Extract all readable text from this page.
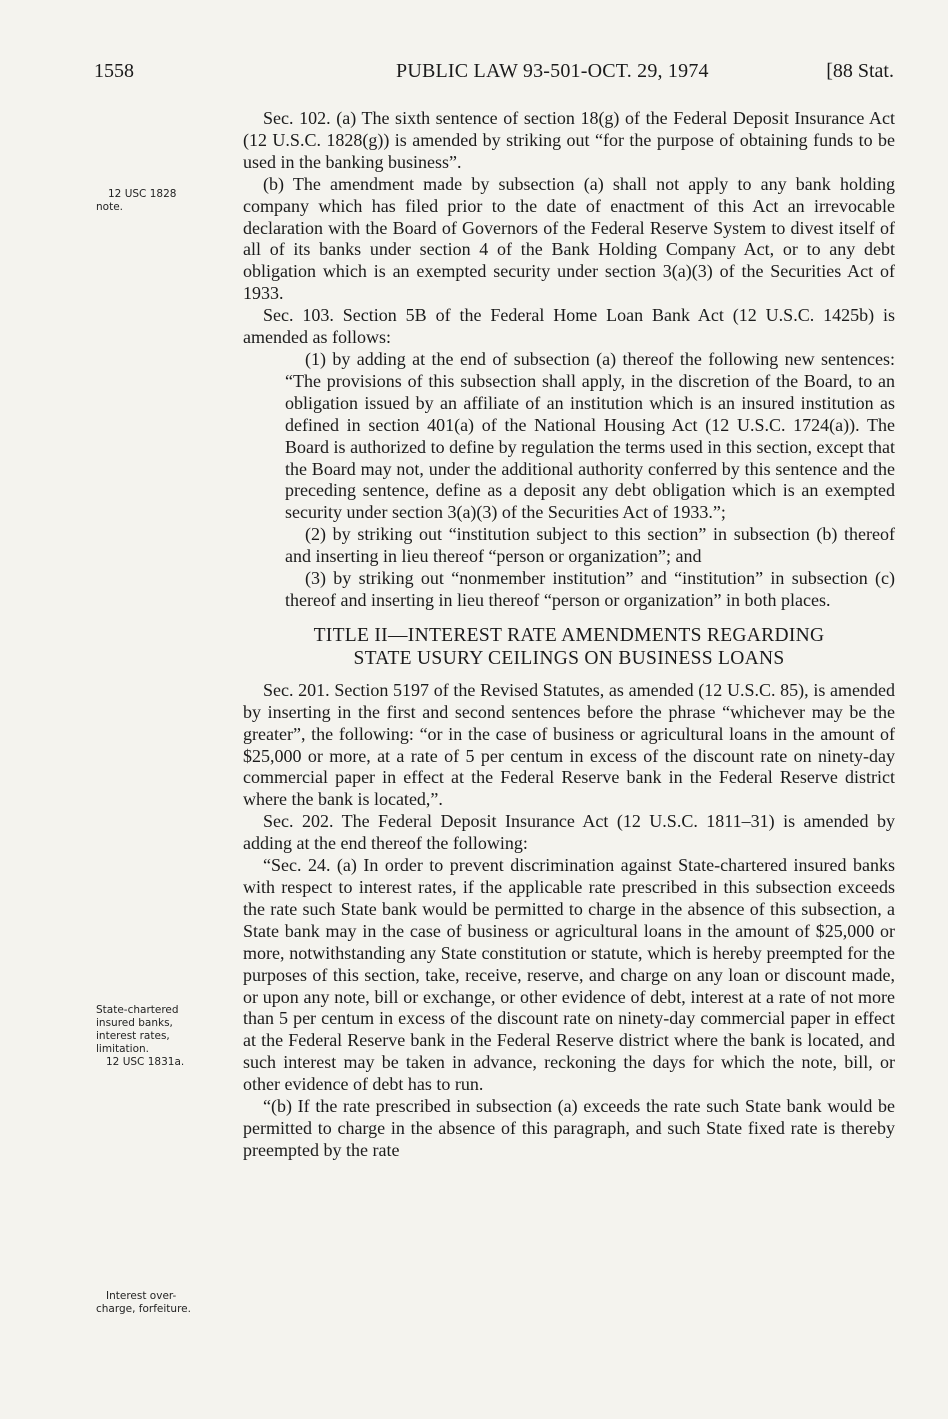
1558	PUBLIC LAW 93-501-OCT. 29, 1974	[88 Stat.
12 USC 1828
note.
State-chartered
insured banks,
interest rates,
limitation.
12 USC 1831a.
Interest over-
charge, forfeiture.

Sec. 102. (a) The sixth sentence of section 18(g) of the Federal Deposit Insurance Act (12 U.S.C. 1828(g)) is amended by striking out “for the purpose of obtaining funds to be used in the banking business”.

(b) The amendment made by subsection (a) shall not apply to any bank holding company which has filed prior to the date of enactment of this Act an irrevocable declaration with the Board of Governors of the Federal Reserve System to divest itself of all of its banks under section 4 of the Bank Holding Company Act, or to any debt obligation which is an exempted security under section 3(a)(3) of the Securities Act of 1933.

Sec. 103. Section 5B of the Federal Home Loan Bank Act (12 U.S.C. 1425b) is amended as follows:

(1) by adding at the end of subsection (a) thereof the following new sentences: “The provisions of this subsection shall apply, in the discretion of the Board, to an obligation issued by an affiliate of an institution which is an insured institution as defined in section 401(a) of the National Housing Act (12 U.S.C. 1724(a)). The Board is authorized to define by regulation the terms used in this section, except that the Board may not, under the additional authority conferred by this sentence and the preceding sentence, define as a deposit any debt obligation which is an exempted security under section 3(a)(3) of the Securities Act of 1933.”;

(2) by striking out “institution subject to this section” in subsection (b) thereof and inserting in lieu thereof “person or organization”; and

(3) by striking out “nonmember institution” and “institution” in subsection (c) thereof and inserting in lieu thereof “person or organization” in both places.

TITLE II—INTEREST RATE AMENDMENTS REGARDING
STATE USURY CEILINGS ON BUSINESS LOANS

Sec. 201. Section 5197 of the Revised Statutes, as amended (12 U.S.C. 85), is amended by inserting in the first and second sentences before the phrase “whichever may be the greater”, the following: “or in the case of business or agricultural loans in the amount of $25,000 or more, at a rate of 5 per centum in excess of the discount rate on ninety-day commercial paper in effect at the Federal Reserve bank in the Federal Reserve district where the bank is located,”.

Sec. 202. The Federal Deposit Insurance Act (12 U.S.C. 1811–31) is amended by adding at the end thereof the following:

“Sec. 24. (a) In order to prevent discrimination against State-chartered insured banks with respect to interest rates, if the applicable rate prescribed in this subsection exceeds the rate such State bank would be permitted to charge in the absence of this subsection, a State bank may in the case of business or agricultural loans in the amount of $25,000 or more, notwithstanding any State constitution or statute, which is hereby preempted for the purposes of this section, take, receive, reserve, and charge on any loan or discount made, or upon any note, bill or exchange, or other evidence of debt, interest at a rate of not more than 5 per centum in excess of the discount rate on ninety-day commercial paper in effect at the Federal Reserve bank in the Federal Reserve district where the bank is located, and such interest may be taken in advance, reckoning the days for which the note, bill, or other evidence of debt has to run.

“(b) If the rate prescribed in subsection (a) exceeds the rate such State bank would be permitted to charge in the absence of this paragraph, and such State fixed rate is thereby preempted by the rate
